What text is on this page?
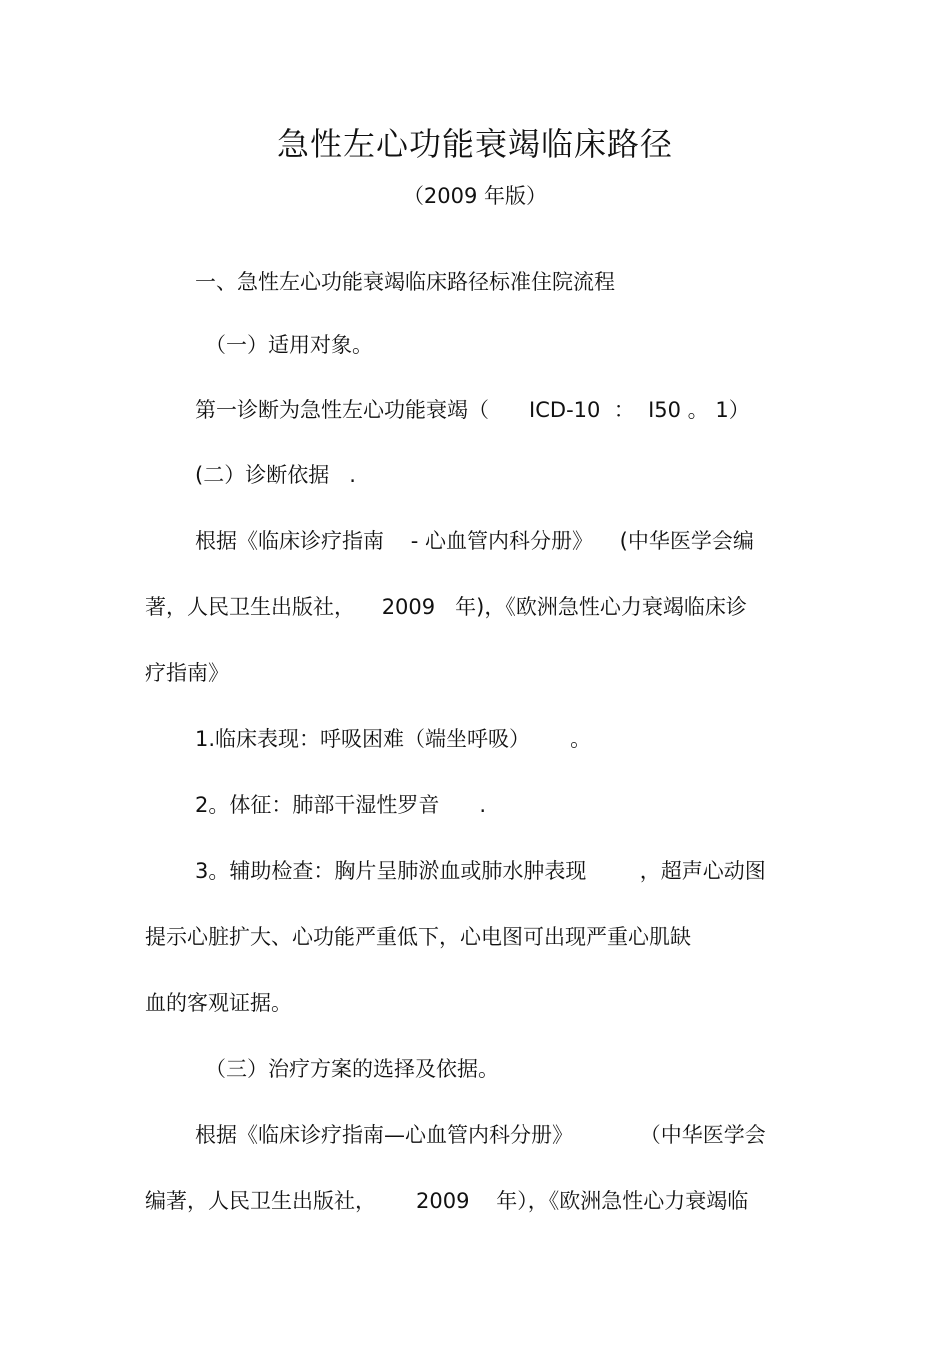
急性左心功能衰竭临床路径
（2009 年版）
一、急性左心功能衰竭临床路径标准住院流程
（一）适用对象。
第一诊断为急性左心功能衰竭（      ICD-10  ：  I50 。 1）
(二）诊断依据   .
根据《临床诊疗指南    - 心血管内科分册》    (中华医学会编
著，人民卫生出版社，    2009   年)，《欧洲急性心力衰竭临床诊
疗指南》
1.临床表现：呼吸困难（端坐呼吸）      。
2。体征：肺部干湿性罗音      .
3。辅助检查：胸片呈肺淤血或肺水肿表现        ，超声心动图
提示心脏扩大、心功能严重低下，心电图可出现严重心肌缺
血的客观证据。
（三）治疗方案的选择及依据。
根据《临床诊疗指南—心血管内科分册》          （中华医学会
编著，人民卫生出版社，      2009    年），《欧洲急性心力衰竭临
